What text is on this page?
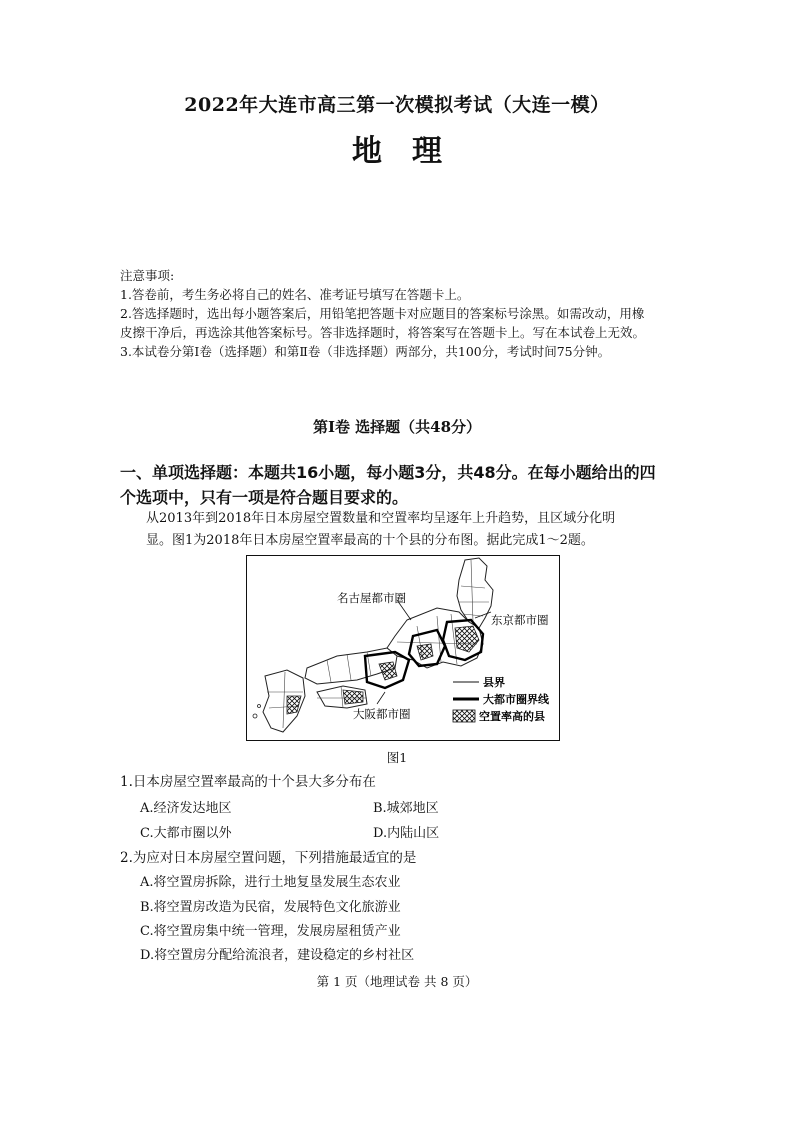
2022年大连市高三第一次模拟考试（大连一模）
地理
注意事项:
1.答卷前，考生务必将自己的姓名、准考证号填写在答题卡上。
2.答选择题时，选出每小题答案后，用铅笔把答题卡对应题目的答案标号涂黑。如需改动，用橡
皮擦干净后，再选涂其他答案标号。答非选择题时，将答案写在答题卡上。写在本试卷上无效。
3.本试卷分第Ⅰ卷（选择题）和第Ⅱ卷（非选择题）两部分，共100分，考试时间75分钟。
第Ⅰ卷 选择题（共48分）
一、单项选择题：本题共16小题，每小题3分，共48分。在每小题给出的四
个选项中，只有一项是符合题目要求的。
从2013年到2018年日本房屋空置数量和空置率均呈逐年上升趋势，且区域分化明
显。图1为2018年日本房屋空置率最高的十个县的分布图。据此完成1～2题。
名古屋都市圈
东京都市圈
大阪都市圈
县界
大都市圈界线
空置率高的县
图1
1.日本房屋空置率最高的十个县大多分布在
A.经济发达地区	B.城郊地区
C.大都市圈以外	D.内陆山区
2.为应对日本房屋空置问题，下列措施最适宜的是
A.将空置房拆除，进行土地复垦发展生态农业
B.将空置房改造为民宿，发展特色文化旅游业
C.将空置房集中统一管理，发展房屋租赁产业
D.将空置房分配给流浪者，建设稳定的乡村社区
第 1 页（地理试卷 共 8 页）
